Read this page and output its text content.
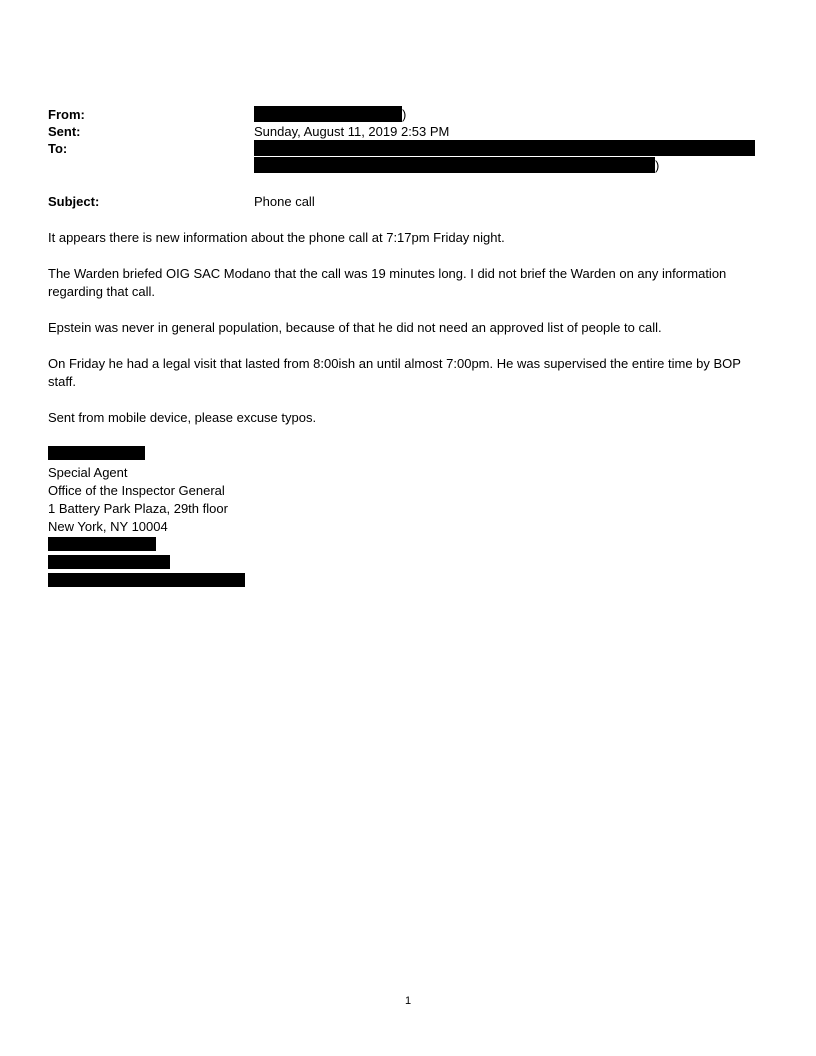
From:	)
Sent:	Sunday, August 11, 2019 2:53 PM
To:
)
Subject:	Phone call

It appears there is new information about the phone call at 7:17pm Friday night.

The Warden briefed OIG SAC Modano that the call was 19 minutes long. I did not brief the Warden on any information regarding that call.

Epstein was never in general population, because of that he did not need an approved list of people to call.

On Friday he had a legal visit that lasted from 8:00ish an until almost 7:00pm. He was supervised the entire time by BOP staff.

Sent from mobile device, please excuse typos.

Special Agent
Office of the Inspector General
1 Battery Park Plaza, 29th floor
New York, NY 10004
1
